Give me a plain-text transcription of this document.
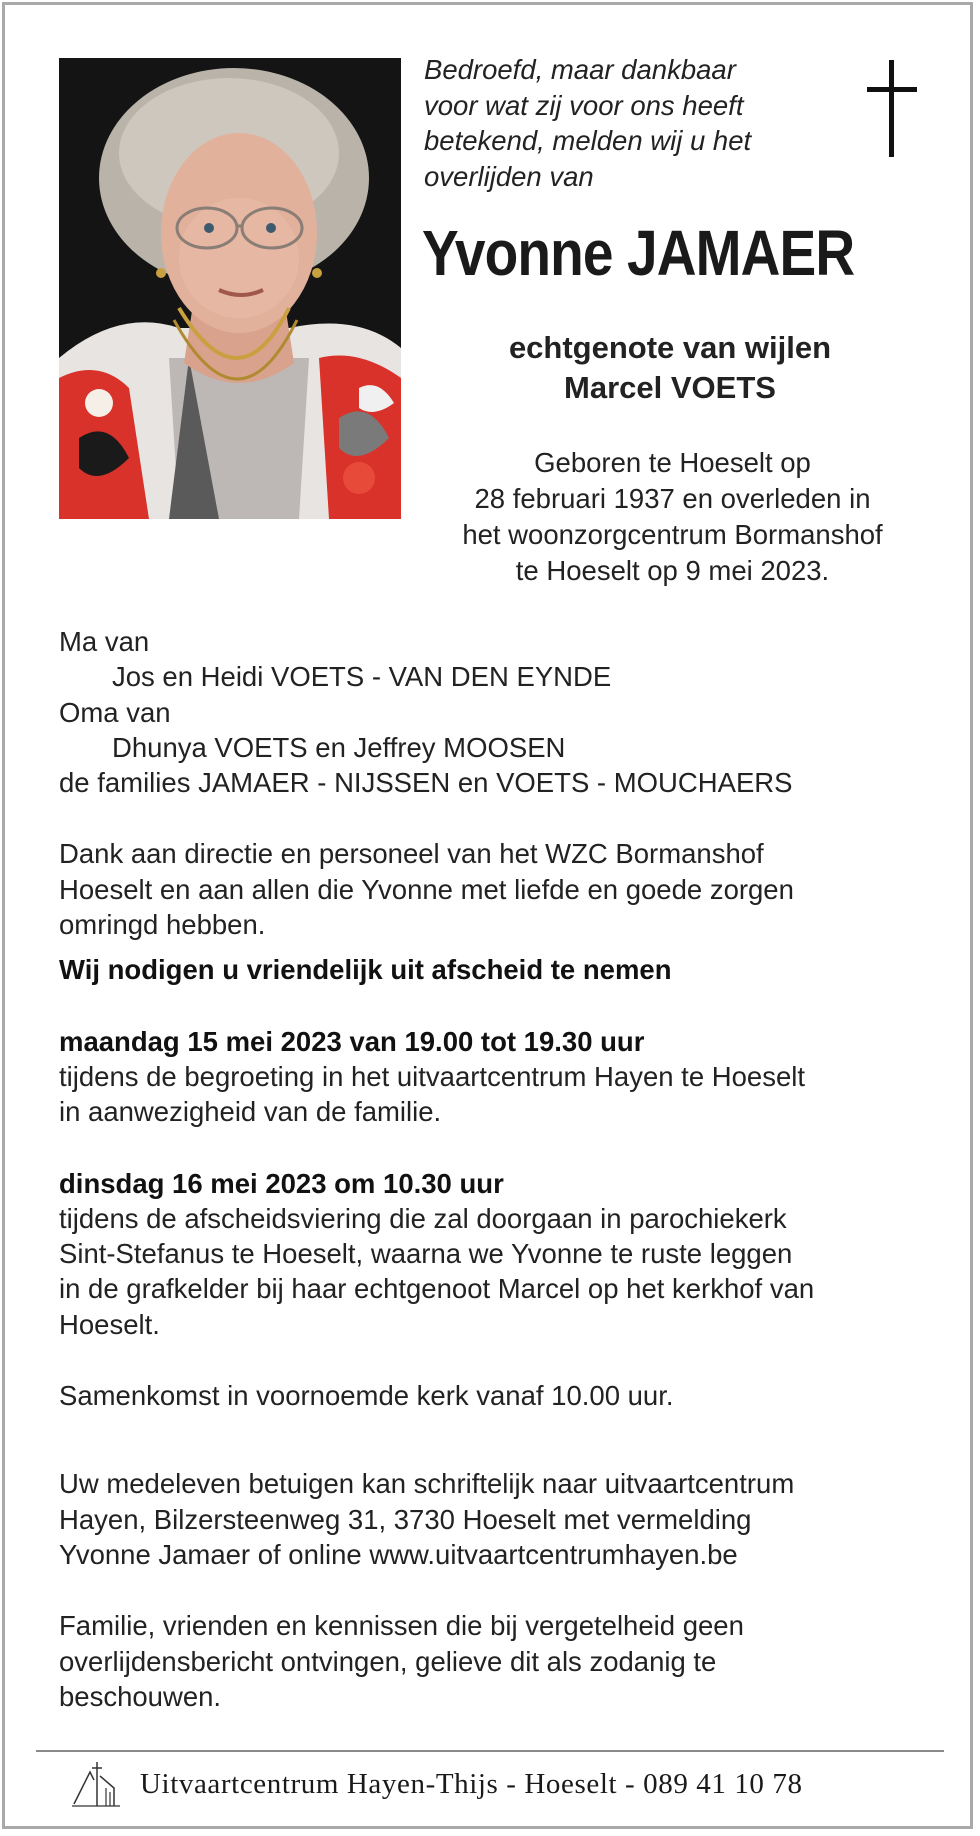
Bedroefd, maar dankbaar
voor wat zij voor ons heeft
betekend, melden wij u het
overlijden van
Yvonne JAMAER
echtgenote van wijlen
Marcel VOETS
Geboren te Hoeselt op
28 februari 1937 en overleden in
het woonzorgcentrum Bormanshof
te Hoeselt op 9 mei 2023.
Ma van
Jos en Heidi VOETS - VAN DEN EYNDE
Oma van
Dhunya VOETS en Jeffrey MOOSEN
de families JAMAER - NIJSSEN en VOETS - MOUCHAERS
Dank aan directie en personeel van het WZC Bormanshof
Hoeselt en aan allen die Yvonne met liefde en goede zorgen
omringd hebben.
Wij nodigen u vriendelijk uit afscheid te nemen
maandag 15 mei 2023 van 19.00 tot 19.30 uur
tijdens de begroeting in het uitvaartcentrum Hayen te Hoeselt
in aanwezigheid van de familie.
dinsdag 16 mei 2023 om 10.30 uur
tijdens de afscheidsviering die zal doorgaan in parochiekerk
Sint-Stefanus te Hoeselt, waarna we Yvonne te ruste leggen
in de grafkelder bij haar echtgenoot Marcel op het kerkhof van
Hoeselt.
Samenkomst in voornoemde kerk vanaf 10.00 uur.
Uw medeleven betuigen kan schriftelijk naar uitvaartcentrum
Hayen, Bilzersteenweg 31, 3730 Hoeselt met vermelding
Yvonne Jamaer of online www.uitvaartcentrumhayen.be
Familie, vrienden en kennissen die bij vergetelheid geen
overlijdensbericht ontvingen, gelieve dit als zodanig te
beschouwen.
Uitvaartcentrum Hayen-Thijs - Hoeselt - 089 41 10 78
